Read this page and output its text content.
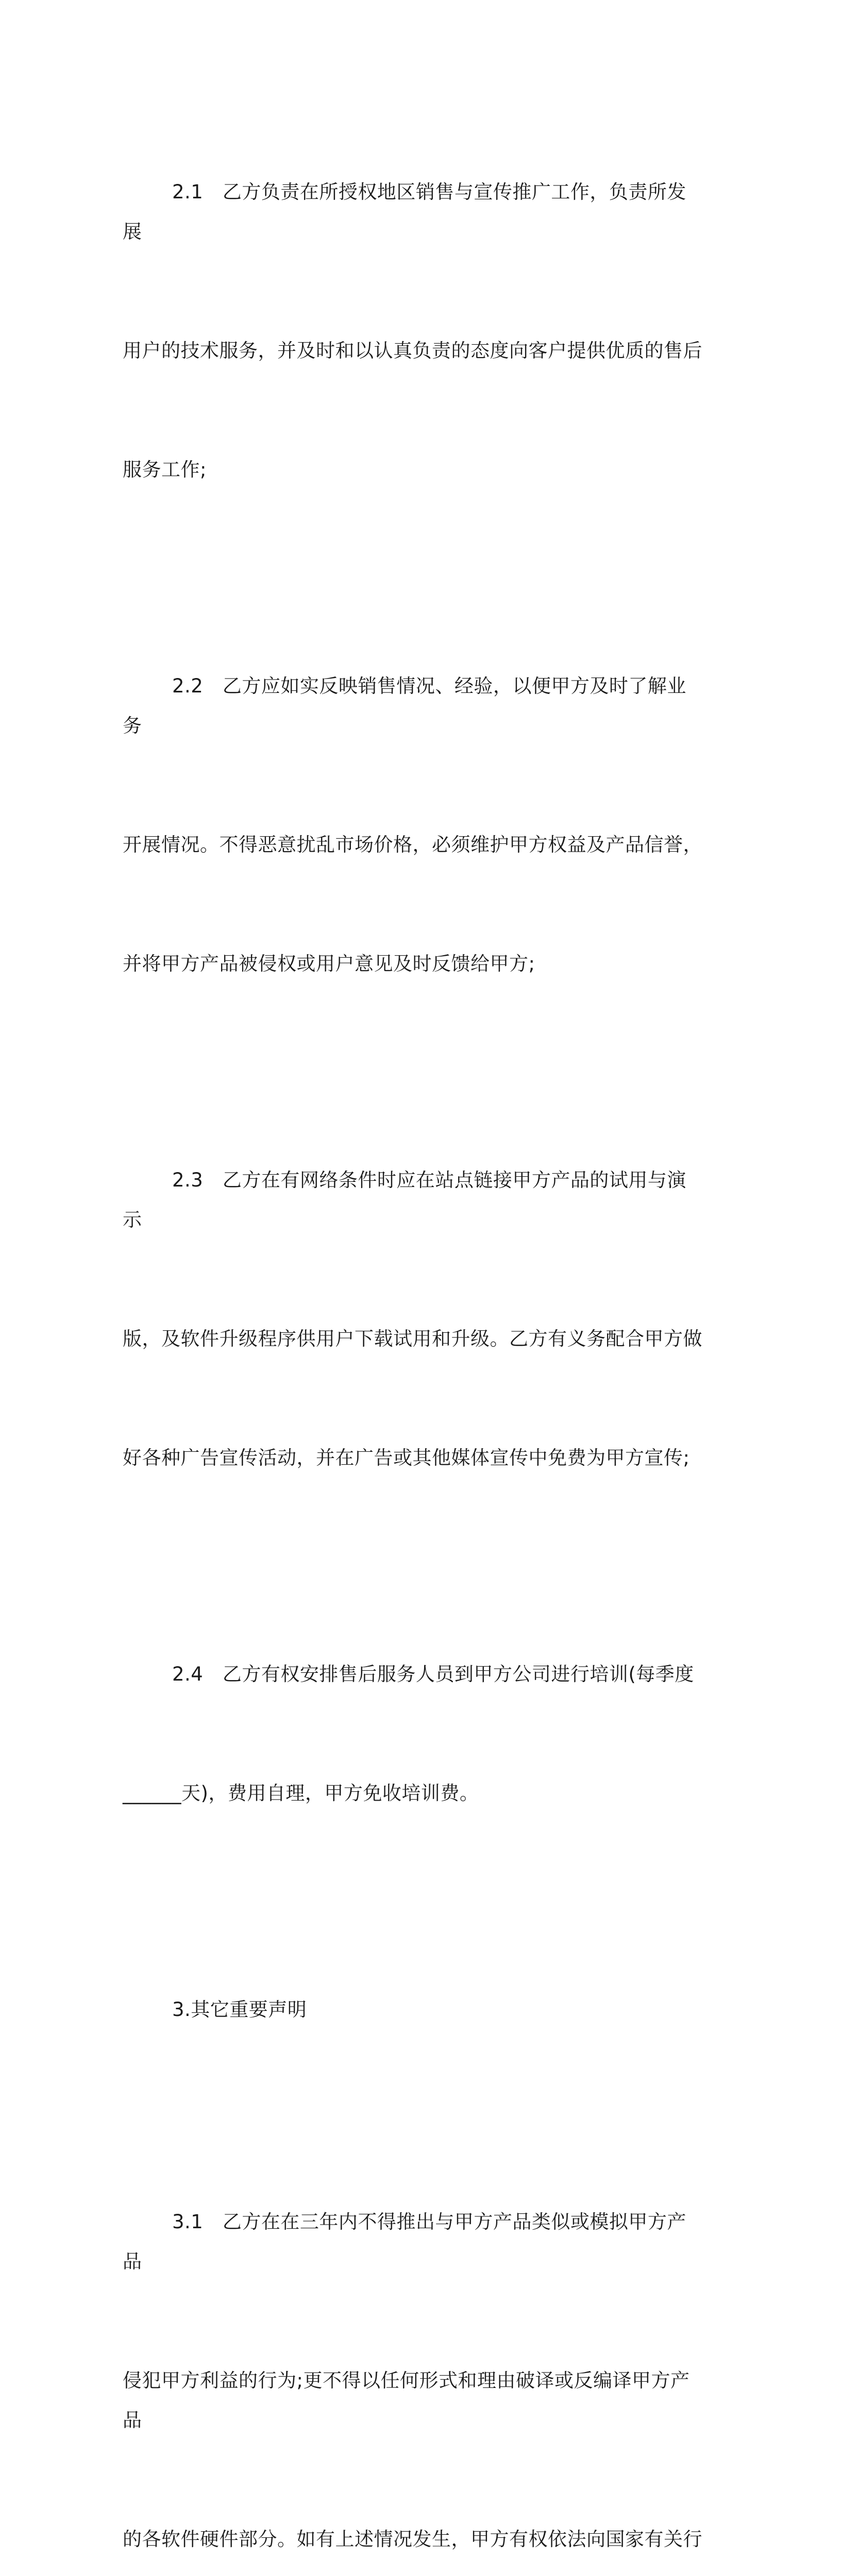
2.1　乙方负责在所授权地区销售与宣传推广工作，负责所发展

用户的技术服务，并及时和以认真负责的态度向客户提供优质的售后

服务工作;

2.2　乙方应如实反映销售情况、经验，以便甲方及时了解业务

开展情况。不得恶意扰乱市场价格，必须维护甲方权益及产品信誉，

并将甲方产品被侵权或用户意见及时反馈给甲方;

2.3　乙方在有网络条件时应在站点链接甲方产品的试用与演示

版，及软件升级程序供用户下载试用和升级。乙方有义务配合甲方做

好各种广告宣传活动，并在广告或其他媒体宣传中免费为甲方宣传;

2.4　乙方有权安排售后服务人员到甲方公司进行培训(每季度

______天)，费用自理，甲方免收培训费。

3.其它重要声明

3.1　乙方在在三年内不得推出与甲方产品类似或模拟甲方产品

侵犯甲方利益的行为;更不得以任何形式和理由破译或反编译甲方产品

的各软件硬件部分。如有上述情况发生，甲方有权依法向国家有关行
